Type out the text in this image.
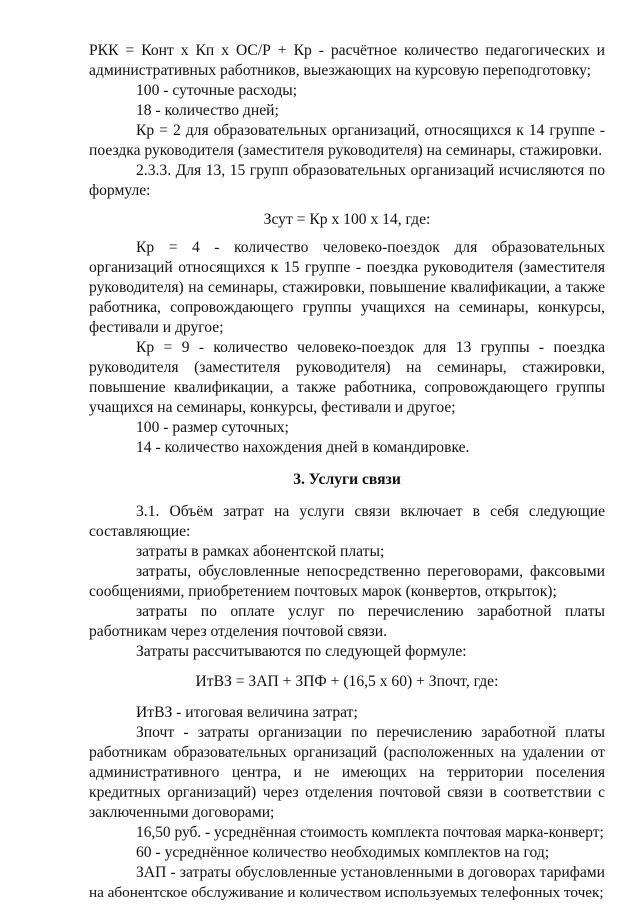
РКК = Конт х Кп х ОС/Р + Кр - расчётное количество педагогических и
административных работников, выезжающих на курсовую переподготовку;
100 - суточные расходы;
18 - количество дней;
Кр = 2 для образовательных организаций, относящихся к 14 группе -
поездка руководителя (заместителя руководителя) на семинары, стажировки.
2.3.3. Для 13, 15 групп образовательных организаций исчисляются по
формуле:
Зсут = Кр х 100 х 14, где:
Кр = 4 - количество человеко-поездок для образовательных
организаций относящихся к 15 группе - поездка руководителя (заместителя
руководителя) на семинары, стажировки, повышение квалификации, а также
работника, сопровождающего группы учащихся на семинары, конкурсы,
фестивали и другое;
Кр = 9 - количество человеко-поездок для 13 группы - поездка
руководителя (заместителя руководителя) на семинары, стажировки,
повышение квалификации, а также работника, сопровождающего группы
учащихся на семинары, конкурсы, фестивали и другое;
100 - размер суточных;
14 - количество нахождения дней в командировке.
3. Услуги связи
3.1. Объём затрат на услуги связи включает в себя следующие
составляющие:
затраты в рамках абонентской платы;
затраты, обусловленные непосредственно переговорами, факсовыми
сообщениями, приобретением почтовых марок (конвертов, открыток);
затраты по оплате услуг по перечислению заработной платы
работникам через отделения почтовой связи.
Затраты рассчитываются по следующей формуле:
ИтВЗ = ЗАП + ЗПФ + (16,5 х 60) + Зпочт, где:
ИтВЗ - итоговая величина затрат;
Зпочт - затраты организации по перечислению заработной платы
работникам образовательных организаций (расположенных на удалении от
административного центра, и не имеющих на территории поселения
кредитных организаций) через отделения почтовой связи в соответствии с
заключенными договорами;
16,50 руб. - усреднённая стоимость комплекта почтовая марка-конверт;
60 - усреднённое количество необходимых комплектов на год;
ЗАП - затраты обусловленные установленными в договорах тарифами
на абонентское обслуживание и количеством используемых телефонных точек;
